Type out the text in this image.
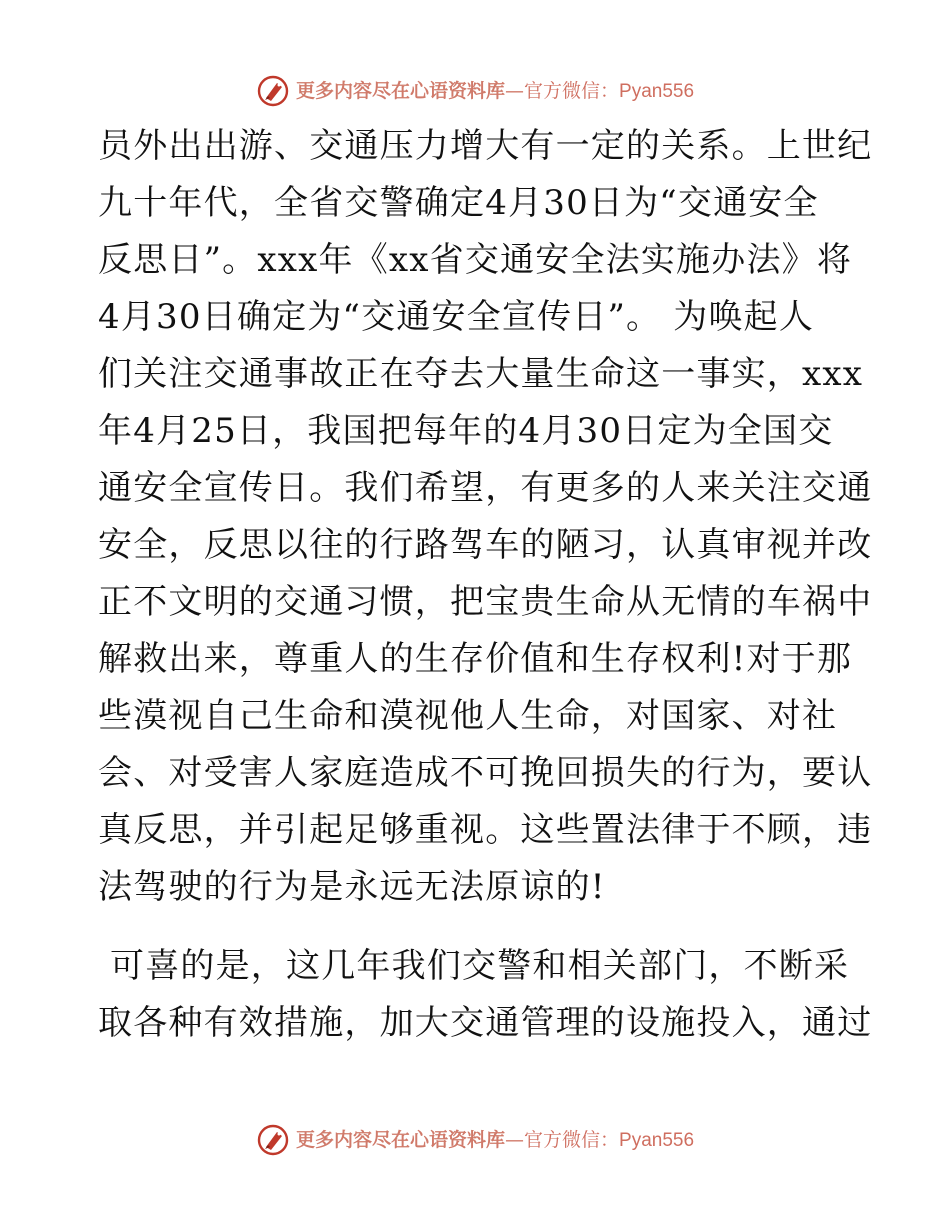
更多内容尽在心语资料库 — 官方微信 ： Pyan556
员外出出游、交通压力增大有一定的关系。上世纪
九十年代，全省交警确定4月30日为“交通安全
反思日”。xxx年《xx省交通安全法实施办法》将
4月30日确定为“交通安全宣传日”。 为唤起人
们关注交通事故正在夺去大量生命这一事实，xxx
年4月25日，我国把每年的4月30日定为全国交
通安全宣传日。我们希望，有更多的人来关注交通
安全，反思以往的行路驾车的陋习，认真审视并改
正不文明的交通习惯，把宝贵生命从无情的车祸中
解救出来，尊重人的生存价值和生存权利!对于那
些漠视自己生命和漠视他人生命，对国家、对社
会、对受害人家庭造成不可挽回损失的行为，要认
真反思，并引起足够重视。这些置法律于不顾，违
法驾驶的行为是永远无法原谅的!
可喜的是，这几年我们交警和相关部门，不断采
取各种有效措施，加大交通管理的设施投入，通过
更多内容尽在心语资料库 — 官方微信 ： Pyan556
